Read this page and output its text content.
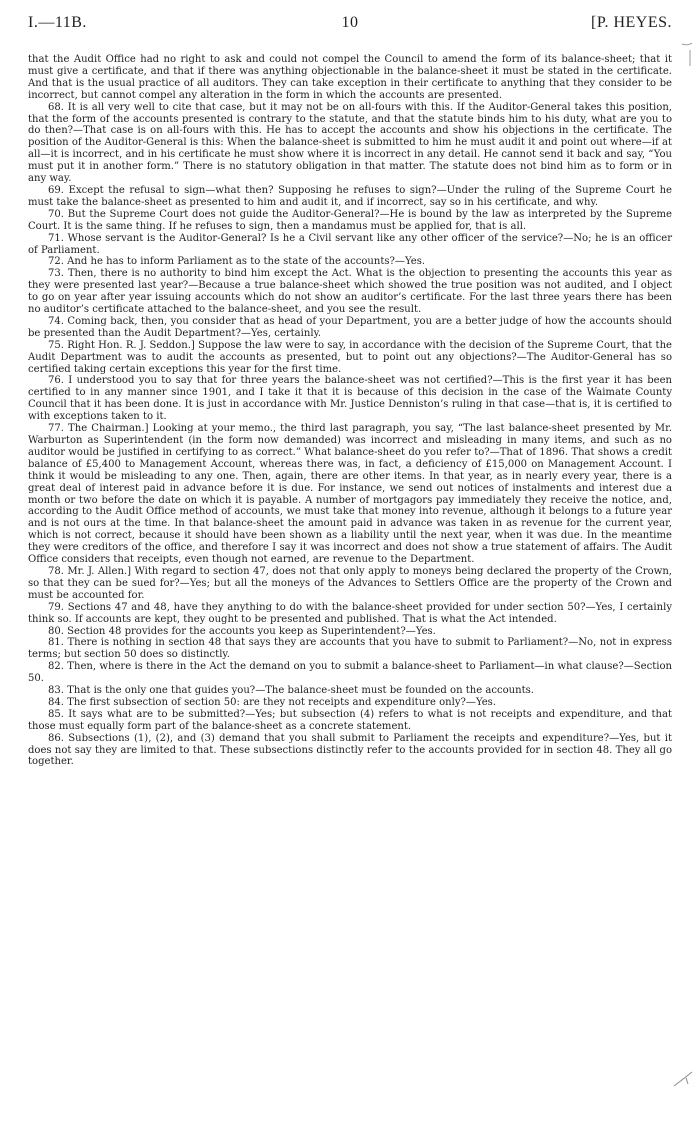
I.—11B.	10	[P. HEYES.

that the Audit Office had no right to ask and could not compel the Council to amend the form of its balance-sheet; that it must give a certificate, and that if there was anything objectionable in the balance-sheet it must be stated in the certificate. And that is the usual practice of all auditors. They can take exception in their certificate to anything that they consider to be incorrect, but cannot compel any alteration in the form in which the accounts are presented.

68. It is all very well to cite that case, but it may not be on all-fours with this. If the Auditor-General takes this position, that the form of the accounts presented is contrary to the statute, and that the statute binds him to his duty, what are you to do then?—That case is on all-fours with this. He has to accept the accounts and show his objections in the certificate. The position of the Auditor-General is this: When the balance-sheet is submitted to him he must audit it and point out where—if at all—it is incorrect, and in his certificate he must show where it is incorrect in any detail. He cannot send it back and say, “You must put it in another form.” There is no statutory obligation in that matter. The statute does not bind him as to form or in any way.

69. Except the refusal to sign—what then? Supposing he refuses to sign?—Under the ruling of the Supreme Court he must take the balance-sheet as presented to him and audit it, and if incorrect, say so in his certificate, and why.

70. But the Supreme Court does not guide the Auditor-General?—He is bound by the law as interpreted by the Supreme Court. It is the same thing. If he refuses to sign, then a mandamus must be applied for, that is all.

71. Whose servant is the Auditor-General? Is he a Civil servant like any other officer of the service?—No; he is an officer of Parliament.

72. And he has to inform Parliament as to the state of the accounts?—Yes.

73. Then, there is no authority to bind him except the Act. What is the objection to presenting the accounts this year as they were presented last year?—Because a true balance-sheet which showed the true position was not audited, and I object to go on year after year issuing accounts which do not show an auditor’s certificate. For the last three years there has been no auditor’s certificate attached to the balance-sheet, and you see the result.

74. Coming back, then, you consider that as head of your Department, you are a better judge of how the accounts should be presented than the Audit Department?—Yes, certainly.

75. Right Hon. R. J. Seddon.] Suppose the law were to say, in accordance with the decision of the Supreme Court, that the Audit Department was to audit the accounts as presented, but to point out any objections?—The Auditor-General has so certified taking certain exceptions this year for the first time.

76. I understood you to say that for three years the balance-sheet was not certified?—This is the first year it has been certified to in any manner since 1901, and I take it that it is because of this decision in the case of the Waimate County Council that it has been done. It is just in accordance with Mr. Justice Denniston’s ruling in that case—that is, it is certified to with exceptions taken to it.

77. The Chairman.] Looking at your memo., the third last paragraph, you say, “The last balance-sheet presented by Mr. Warburton as Superintendent (in the form now demanded) was incorrect and misleading in many items, and such as no auditor would be justified in certifying to as correct.” What balance-sheet do you refer to?—That of 1896. That shows a credit balance of £5,400 to Management Account, whereas there was, in fact, a deficiency of £15,000 on Management Account. I think it would be misleading to any one. Then, again, there are other items. In that year, as in nearly every year, there is a great deal of interest paid in advance before it is due. For instance, we send out notices of instalments and interest due a month or two before the date on which it is payable. A number of mortgagors pay immediately they receive the notice, and, according to the Audit Office method of accounts, we must take that money into revenue, although it belongs to a future year and is not ours at the time. In that balance-sheet the amount paid in advance was taken in as revenue for the current year, which is not correct, because it should have been shown as a liability until the next year, when it was due. In the meantime they were creditors of the office, and therefore I say it was incorrect and does not show a true statement of affairs. The Audit Office considers that receipts, even though not earned, are revenue to the Department.

78. Mr. J. Allen.] With regard to section 47, does not that only apply to moneys being declared the property of the Crown, so that they can be sued for?—Yes; but all the moneys of the Advances to Settlers Office are the property of the Crown and must be accounted for.

79. Sections 47 and 48, have they anything to do with the balance-sheet provided for under section 50?—Yes, I certainly think so. If accounts are kept, they ought to be presented and published. That is what the Act intended.

80. Section 48 provides for the accounts you keep as Superintendent?—Yes.

81. There is nothing in section 48 that says they are accounts that you have to submit to Parliament?—No, not in express terms; but section 50 does so distinctly.

82. Then, where is there in the Act the demand on you to submit a balance-sheet to Parliament—in what clause?—Section 50.

83. That is the only one that guides you?—The balance-sheet must be founded on the accounts.

84. The first subsection of section 50: are they not receipts and expenditure only?—Yes.

85. It says what are to be submitted?—Yes; but subsection (4) refers to what is not receipts and expenditure, and that those must equally form part of the balance-sheet as a concrete statement.

86. Subsections (1), (2), and (3) demand that you shall submit to Parliament the receipts and expenditure?—Yes, but it does not say they are limited to that. These subsections distinctly refer to the accounts provided for in section 48. They all go together.
